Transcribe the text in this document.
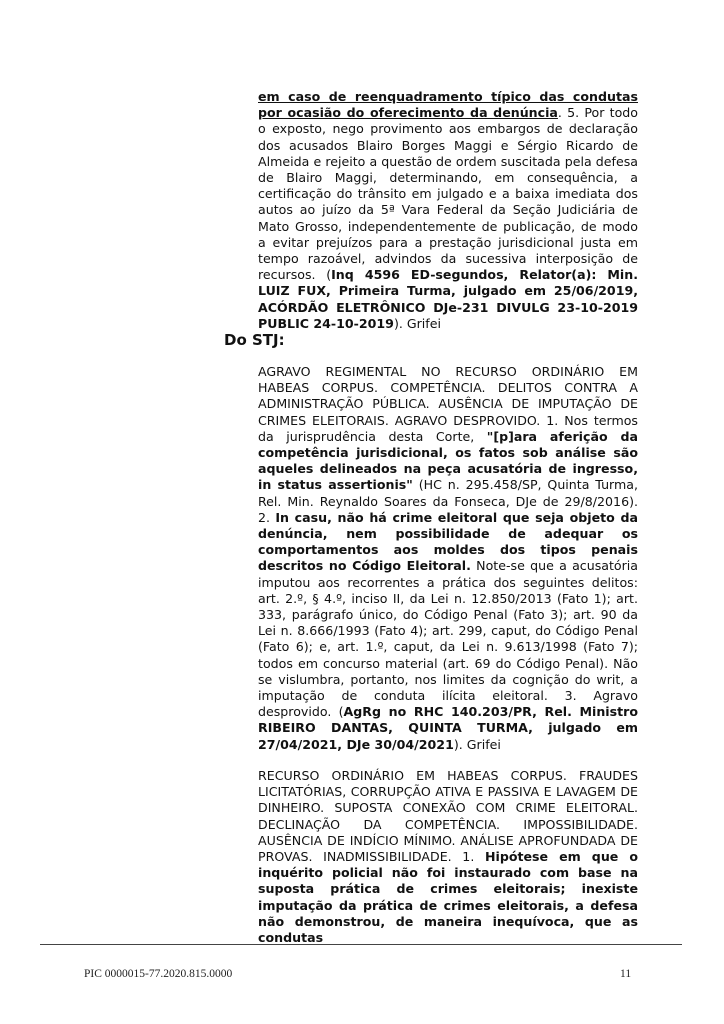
em caso de reenquadramento típico das condutas por ocasião do oferecimento da denúncia. 5. Por todo o exposto, nego provimento aos embargos de declaração dos acusados Blairo Borges Maggi e Sérgio Ricardo de Almeida e rejeito a questão de ordem suscitada pela defesa de Blairo Maggi, determinando, em consequência, a certificação do trânsito em julgado e a baixa imediata dos autos ao juízo da 5ª Vara Federal da Seção Judiciária de Mato Grosso, independentemente de publicação, de modo a evitar prejuízos para a prestação jurisdicional justa em tempo razoável, advindos da sucessiva interposição de recursos. (Inq 4596 ED-segundos, Relator(a): Min. LUIZ FUX, Primeira Turma, julgado em 25/06/2019, ACÓRDÃO ELETRÔNICO DJe-231 DIVULG 23-10-2019 PUBLIC 24-10-2019). Grifei
Do STJ:
AGRAVO REGIMENTAL NO RECURSO ORDINÁRIO EM HABEAS CORPUS. COMPETÊNCIA. DELITOS CONTRA A ADMINISTRAÇÃO PÚBLICA. AUSÊNCIA DE IMPUTAÇÃO DE CRIMES ELEITORAIS. AGRAVO DESPROVIDO. 1. Nos termos da jurisprudência desta Corte, "[p]ara aferição da competência jurisdicional, os fatos sob análise são aqueles delineados na peça acusatória de ingresso, in status assertionis" (HC n. 295.458/SP, Quinta Turma, Rel. Min. Reynaldo Soares da Fonseca, DJe de 29/8/2016). 2. In casu, não há crime eleitoral que seja objeto da denúncia, nem possibilidade de adequar os comportamentos aos moldes dos tipos penais descritos no Código Eleitoral. Note-se que a acusatória imputou aos recorrentes a prática dos seguintes delitos: art. 2.º, § 4.º, inciso II, da Lei n. 12.850/2013 (Fato 1); art. 333, parágrafo único, do Código Penal (Fato 3); art. 90 da Lei n. 8.666/1993 (Fato 4); art. 299, caput, do Código Penal (Fato 6); e, art. 1.º, caput, da Lei n. 9.613/1998 (Fato 7); todos em concurso material (art. 69 do Código Penal). Não se vislumbra, portanto, nos limites da cognição do writ, a imputação de conduta ilícita eleitoral. 3. Agravo desprovido. (AgRg no RHC 140.203/PR, Rel. Ministro RIBEIRO DANTAS, QUINTA TURMA, julgado em 27/04/2021, DJe 30/04/2021). Grifei
RECURSO ORDINÁRIO EM HABEAS CORPUS. FRAUDES LICITATÓRIAS, CORRUPÇÃO ATIVA E PASSIVA E LAVAGEM DE DINHEIRO. SUPOSTA CONEXÃO COM CRIME ELEITORAL. DECLINAÇÃO DA COMPETÊNCIA. IMPOSSIBILIDADE. AUSÊNCIA DE INDÍCIO MÍNIMO. ANÁLISE APROFUNDADA DE PROVAS. INADMISSIBILIDADE. 1. Hipótese em que o inquérito policial não foi instaurado com base na suposta prática de crimes eleitorais; inexiste imputação da prática de crimes eleitorais, a defesa não demonstrou, de maneira inequívoca, que as condutas
PIC 0000015-77.2020.815.0000	11
